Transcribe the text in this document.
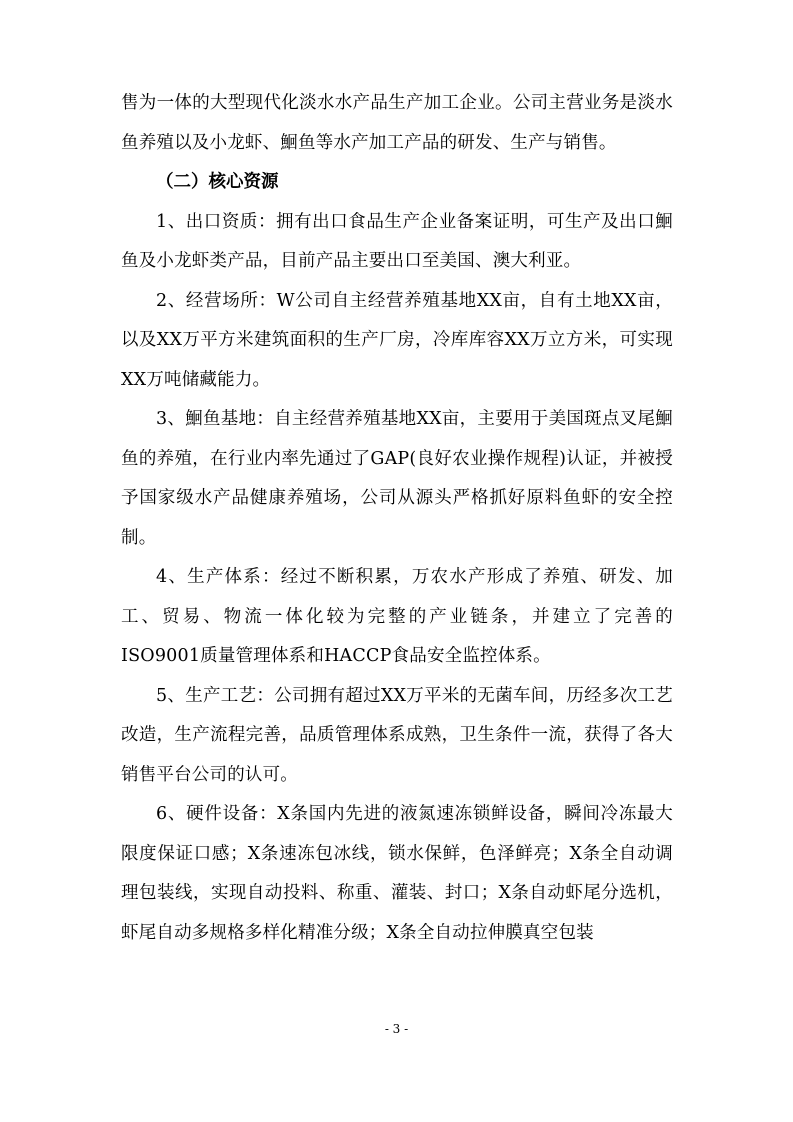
售为一体的大型现代化淡水水产品生产加工企业。公司主营业务是淡水鱼养殖以及小龙虾、鮰鱼等水产加工产品的研发、生产与销售。

（二）核心资源

1、出口资质：拥有出口食品生产企业备案证明，可生产及出口鮰鱼及小龙虾类产品，目前产品主要出口至美国、澳大利亚。

2、经营场所：W公司自主经营养殖基地XX亩，自有土地XX亩，以及XX万平方米建筑面积的生产厂房，冷库库容XX万立方米，可实现XX万吨储藏能力。

3、鮰鱼基地：自主经营养殖基地XX亩，主要用于美国斑点叉尾鮰鱼的养殖，在行业内率先通过了GAP(良好农业操作规程)认证，并被授予国家级水产品健康养殖场，公司从源头严格抓好原料鱼虾的安全控制。

4、生产体系：经过不断积累，万农水产形成了养殖、研发、加工、贸易、物流一体化较为完整的产业链条，并建立了完善的ISO9001质量管理体系和HACCP食品安全监控体系。

5、生产工艺：公司拥有超过XX万平米的无菌车间，历经多次工艺改造，生产流程完善，品质管理体系成熟，卫生条件一流，获得了各大销售平台公司的认可。

6、硬件设备：X条国内先进的液氮速冻锁鲜设备，瞬间冷冻最大限度保证口感；X条速冻包冰线，锁水保鲜，色泽鲜亮；X条全自动调理包装线，实现自动投料、称重、灌装、封口；X条自动虾尾分选机，虾尾自动多规格多样化精准分级；X条全自动拉伸膜真空包装

- 3 -
